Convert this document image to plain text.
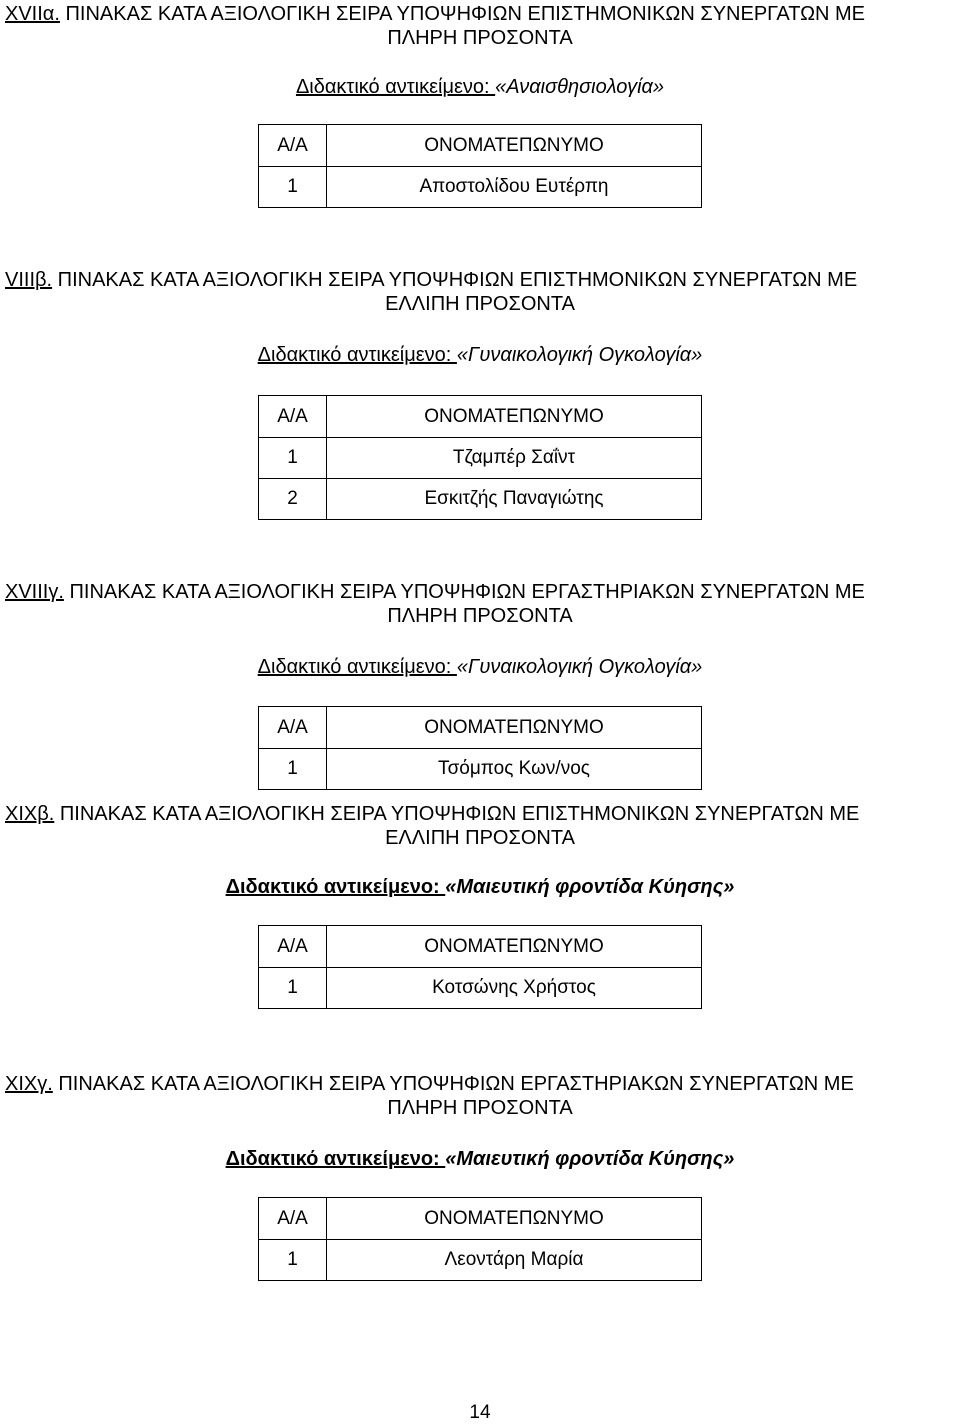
XVIIα. ΠΙΝΑΚΑΣ ΚΑΤΑ ΑΞΙΟΛΟΓΙΚΗ ΣΕΙΡΑ ΥΠΟΨΗΦΙΩΝ ΕΠΙΣΤΗΜΟΝΙΚΩΝ ΣΥΝΕΡΓΑΤΩΝ ΜΕ
ΠΛΗΡΗ ΠΡΟΣΟΝΤΑ
Διδακτικό αντικείμενο: «Αναισθησιολογία»
Α/Α	ΟΝΟΜΑΤΕΠΩΝΥΜΟ
1	Αποστολίδου Ευτέρπη
VIIIβ. ΠΙΝΑΚΑΣ ΚΑΤΑ ΑΞΙΟΛΟΓΙΚΗ ΣΕΙΡΑ ΥΠΟΨΗΦΙΩΝ ΕΠΙΣΤΗΜΟΝΙΚΩΝ ΣΥΝΕΡΓΑΤΩΝ ΜΕ
ΕΛΛΙΠΗ ΠΡΟΣΟΝΤΑ
Διδακτικό αντικείμενο: «Γυναικολογική Ογκολογία»
Α/Α	ΟΝΟΜΑΤΕΠΩΝΥΜΟ
1	Τζαμπέρ Σαΐντ
2	Εσκιτζής Παναγιώτης
XVIIIγ. ΠΙΝΑΚΑΣ ΚΑΤΑ ΑΞΙΟΛΟΓΙΚΗ ΣΕΙΡΑ ΥΠΟΨΗΦΙΩΝ ΕΡΓΑΣΤΗΡΙΑΚΩΝ ΣΥΝΕΡΓΑΤΩΝ ΜΕ
ΠΛΗΡΗ ΠΡΟΣΟΝΤΑ
Διδακτικό αντικείμενο: «Γυναικολογική Ογκολογία»
Α/Α	ΟΝΟΜΑΤΕΠΩΝΥΜΟ
1	Τσόμπος Κων/νος
XIXβ. ΠΙΝΑΚΑΣ ΚΑΤΑ ΑΞΙΟΛΟΓΙΚΗ ΣΕΙΡΑ ΥΠΟΨΗΦΙΩΝ ΕΠΙΣΤΗΜΟΝΙΚΩΝ ΣΥΝΕΡΓΑΤΩΝ ΜΕ
ΕΛΛΙΠΗ ΠΡΟΣΟΝΤΑ
Διδακτικό αντικείμενο: «Μαιευτική φροντίδα Κύησης»
Α/Α	ΟΝΟΜΑΤΕΠΩΝΥΜΟ
1	Κοτσώνης Χρήστος
XIXγ. ΠΙΝΑΚΑΣ ΚΑΤΑ ΑΞΙΟΛΟΓΙΚΗ ΣΕΙΡΑ ΥΠΟΨΗΦΙΩΝ ΕΡΓΑΣΤΗΡΙΑΚΩΝ ΣΥΝΕΡΓΑΤΩΝ ΜΕ
ΠΛΗΡΗ ΠΡΟΣΟΝΤΑ
Διδακτικό αντικείμενο: «Μαιευτική φροντίδα Κύησης»
Α/Α	ΟΝΟΜΑΤΕΠΩΝΥΜΟ
1	Λεοντάρη Μαρία
14
